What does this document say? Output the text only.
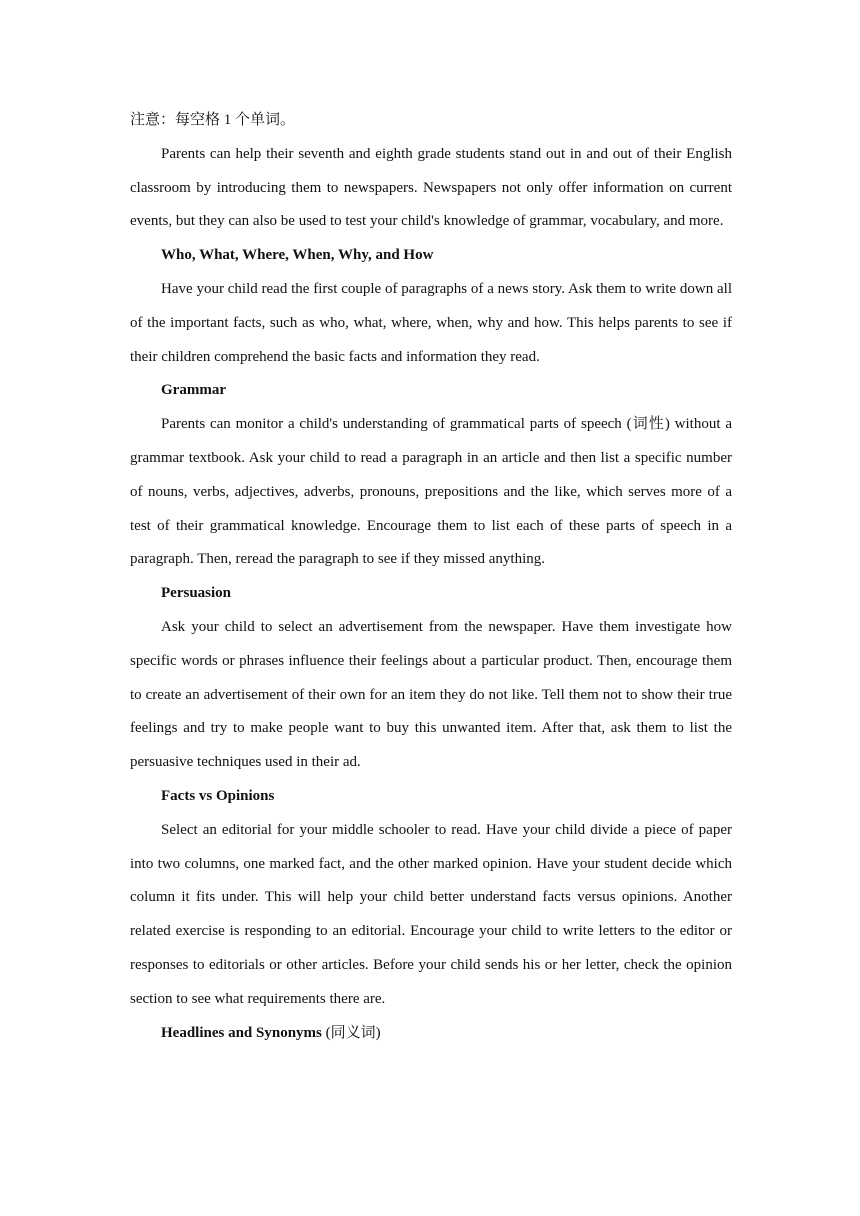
注意：每空格 1 个单词。

Parents can help their seventh and eighth grade students stand out in and out of their English classroom by introducing them to newspapers. Newspapers not only offer information on current events, but they can also be used to test your child's knowledge of grammar, vocabulary, and more.

Who, What, Where, When, Why, and How

Have your child read the first couple of paragraphs of a news story. Ask them to write down all of the important facts, such as who, what, where, when, why and how. This helps parents to see if their children comprehend the basic facts and information they read.

Grammar

Parents can monitor a child's understanding of grammatical parts of speech (词性) without a grammar textbook. Ask your child to read a paragraph in an article and then list a specific number of nouns, verbs, adjectives, adverbs, pronouns, prepositions and the like, which serves more of a test of their grammatical knowledge. Encourage them to list each of these parts of speech in a paragraph. Then, reread the paragraph to see if they missed anything.

Persuasion

Ask your child to select an advertisement from the newspaper. Have them investigate how specific words or phrases influence their feelings about a particular product. Then, encourage them to create an advertisement of their own for an item they do not like. Tell them not to show their true feelings and try to make people want to buy this unwanted item. After that, ask them to list the persuasive techniques used in their ad.

Facts vs Opinions

Select an editorial for your middle schooler to read. Have your child divide a piece of paper into two columns, one marked fact, and the other marked opinion. Have your student decide which column it fits under. This will help your child better understand facts versus opinions. Another related exercise is responding to an editorial. Encourage your child to write letters to the editor or responses to editorials or other articles. Before your child sends his or her letter, check the opinion section to see what requirements there are.

Headlines and Synonyms (同义词)
